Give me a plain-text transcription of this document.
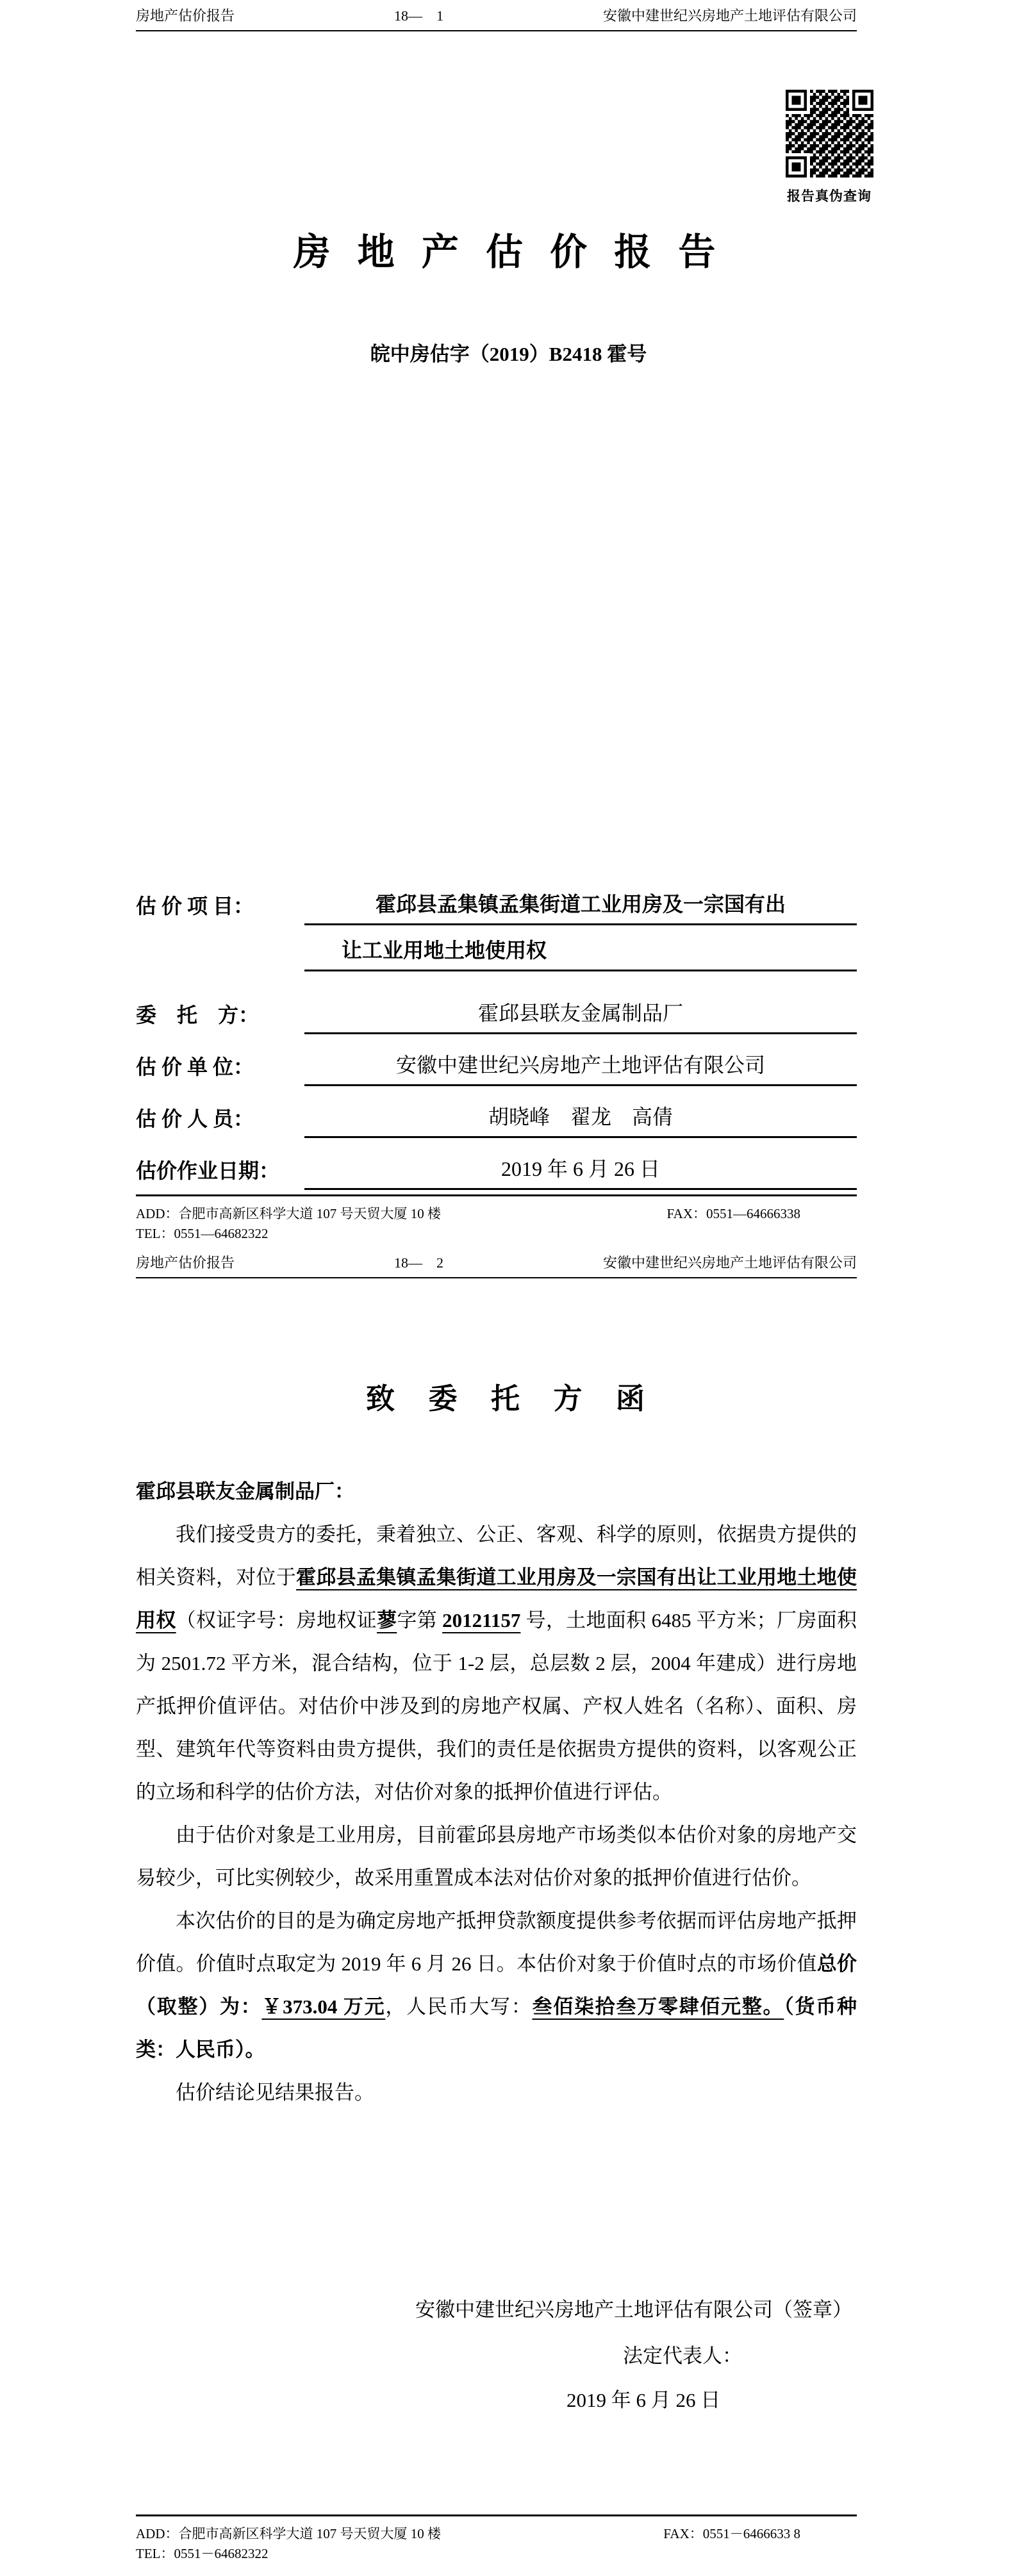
房地产估价报告	18—    1	安徽中建世纪兴房地产土地评估有限公司
报告真伪查询
房 地 产 估 价 报 告
皖中房估字（2019）B2418 霍号
估 价 项 目：	霍邱县孟集镇孟集街道工业用房及一宗国有出
让工业用地土地使用权
委    托    方：	霍邱县联友金属制品厂
估 价 单 位：	安徽中建世纪兴房地产土地评估有限公司
估 价 人 员：	胡晓峰    翟龙    高倩
估价作业日期：	2019 年 6 月 26 日
ADD：合肥市高新区科学大道 107 号天贸大厦 10 楼	FAX：0551—64666338
TEL：0551—64682322
房地产估价报告	18—    2	安徽中建世纪兴房地产土地评估有限公司
致  委  托  方  函

霍邱县联友金属制品厂：

我们接受贵方的委托，秉着独立、公正、客观、科学的原则，依据贵方提供的相关资料，对位于霍邱县孟集镇孟集街道工业用房及一宗国有出让工业用地土地使用权（权证字号：房地权证蓼字第 20121157 号，土地面积 6485 平方米；厂房面积为 2501.72 平方米，混合结构，位于 1-2 层，总层数 2 层，2004 年建成）进行房地产抵押价值评估。对估价中涉及到的房地产权属、产权人姓名（名称）、面积、房型、建筑年代等资料由贵方提供，我们的责任是依据贵方提供的资料，以客观公正的立场和科学的估价方法，对估价对象的抵押价值进行评估。

由于估价对象是工业用房，目前霍邱县房地产市场类似本估价对象的房地产交易较少，可比实例较少，故采用重置成本法对估价对象的抵押价值进行估价。

本次估价的目的是为确定房地产抵押贷款额度提供参考依据而评估房地产抵押价值。价值时点取定为 2019 年 6 月 26 日。本估价对象于价值时点的市场价值总价（取整）为：￥373.04 万元，人民币大写：叁佰柒拾叁万零肆佰元整。（货币种类：人民币）。

估价结论见结果报告。

安徽中建世纪兴房地产土地评估有限公司（签章）
法定代表人：
2019 年 6 月 26 日
ADD：合肥市高新区科学大道 107 号天贸大厦 10 楼	FAX：0551－6466633 8
TEL：0551－64682322
